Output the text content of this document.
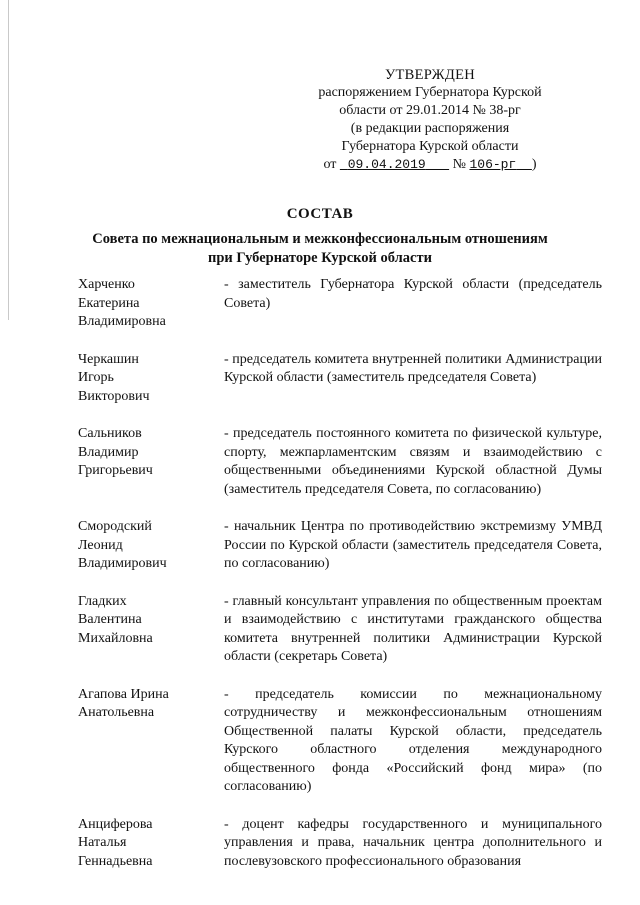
УТВЕРЖДЕН
распоряжением Губернатора Курской
области от 29.01.2014 № 38-рг
(в редакции распоряжения
Губернатора Курской области
от 09.04.2019 № 106-рг )
СОСТАВ
Совета по межнациональным и межконфессиональным отношениям
при Губернаторе Курской области
Харченко
Екатерина
Владимировна
- заместитель Губернатора Курской области (председатель Совета)
Черкашин
Игорь
Викторович
- председатель комитета внутренней политики Администрации Курской области (заместитель председателя Совета)
Сальников
Владимир
Григорьевич
- председатель постоянного комитета по физической культуре, спорту, межпарламентским связям и взаимодействию с общественными объединениями Курской областной Думы (заместитель председателя Совета, по согласованию)
Смородский
Леонид
Владимирович
- начальник Центра по противодействию экстремизму УМВД России по Курской области (заместитель председателя Совета, по согласованию)
Гладких
Валентина
Михайловна
- главный консультант управления по общественным проектам и взаимодействию с институтами гражданского общества комитета внутренней политики Администрации Курской области (секретарь Совета)
Агапова Ирина
Анатольевна
- председатель комиссии по межнациональному сотрудничеству и межконфессиональным отношениям Общественной палаты Курской области, председатель Курского областного отделения международного общественного фонда «Российский фонд мира» (по согласованию)
Анциферова
Наталья
Геннадьевна
- доцент кафедры государственного и муниципального управления и права, начальник центра дополнительного и послевузовского профессионального образования
